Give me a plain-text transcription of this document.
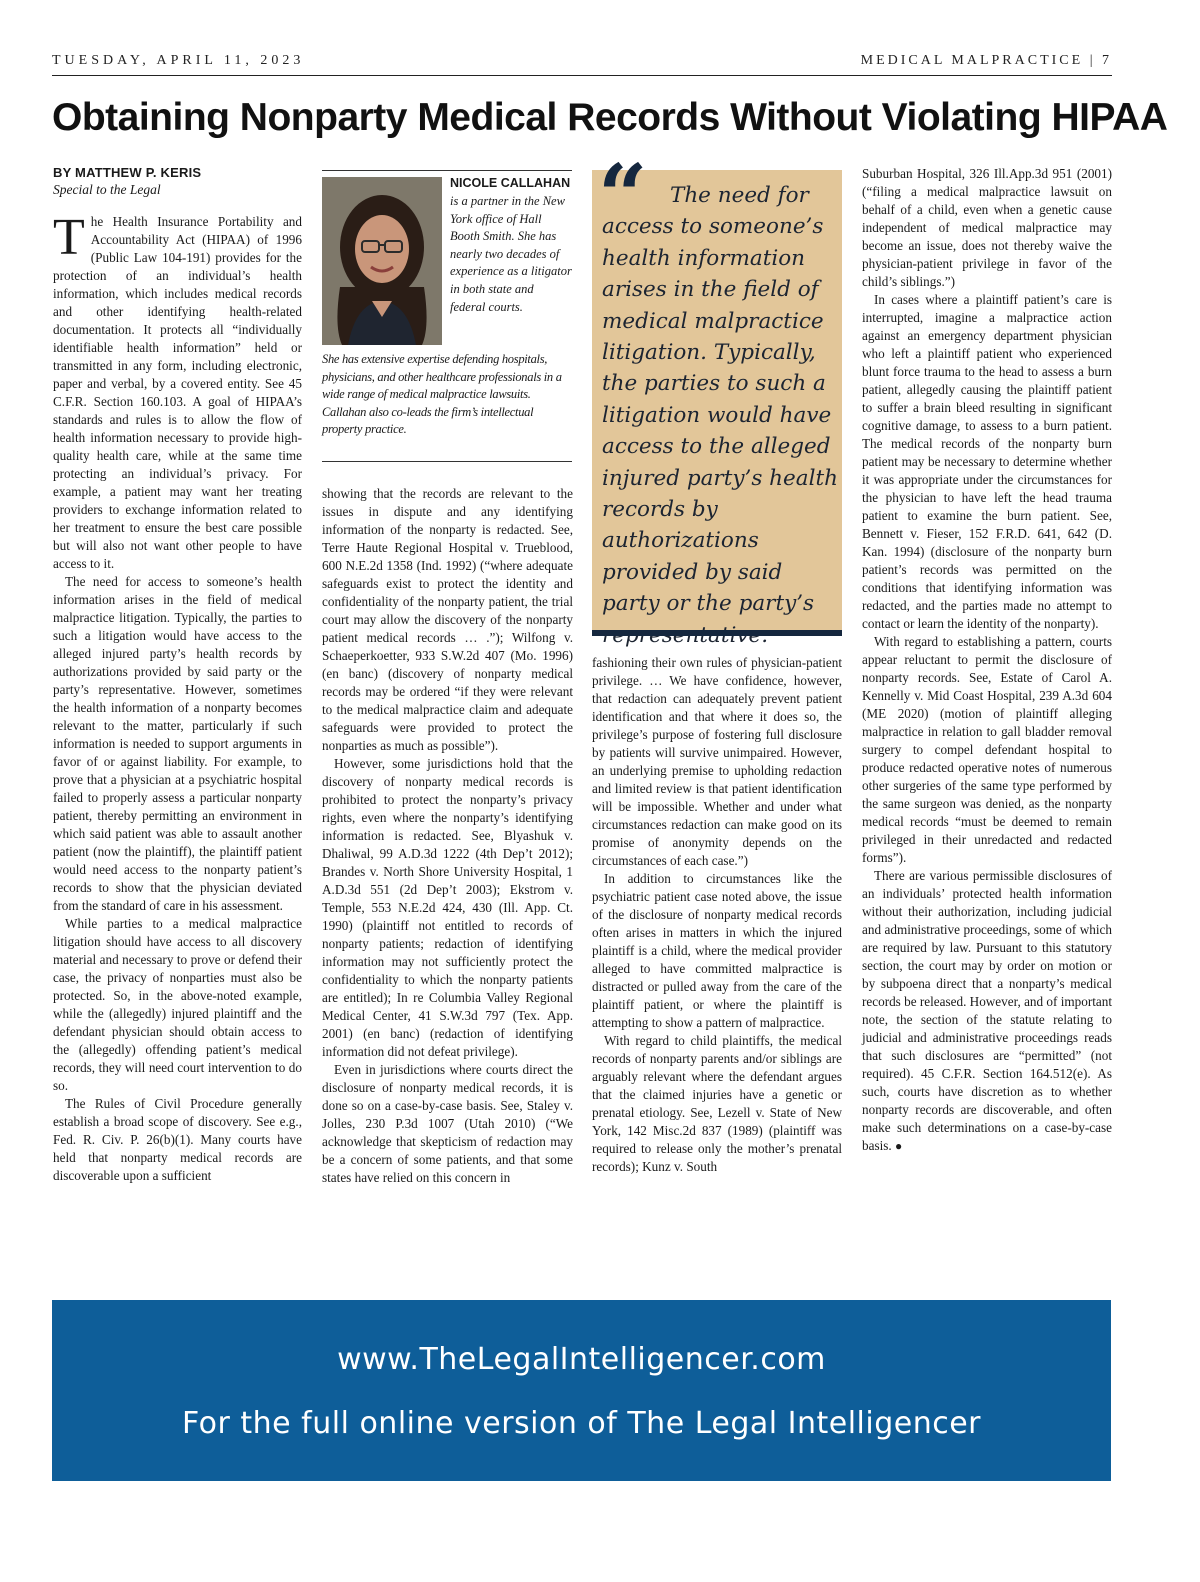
TUESDAY, APRIL 11, 2023	MEDICAL MALPRACTICE | 7
Obtaining Nonparty Medical Records Without Violating HIPAA
BY MATTHEW P. KERIS
Special to the Legal

The Health Insurance Portability and Accountability Act (HIPAA) of 1996 (Public Law 104-191) provides for the protection of an individual’s health information, which includes medical records and other identifying health-related documentation. It protects all “individually identifiable health information” held or transmitted in any form, including electronic, paper and verbal, by a covered entity. See 45 C.F.R. Section 160.103. A goal of HIPAA’s standards and rules is to allow the flow of health information necessary to provide high-quality health care, while at the same time protecting an individual’s privacy. For example, a patient may want her treating providers to exchange information related to her treatment to ensure the best care possible but will also not want other people to have access to it.

The need for access to someone’s health information arises in the field of medical malpractice litigation. Typically, the parties to such a litigation would have access to the alleged injured party’s health records by authorizations provided by said party or the party’s representative. However, sometimes the health information of a nonparty becomes relevant to the matter, particularly if such information is needed to support arguments in favor of or against liability. For example, to prove that a physician at a psychiatric hospital failed to properly assess a particular nonparty patient, thereby permitting an environment in which said patient was able to assault another patient (now the plaintiff), the plaintiff patient would need access to the nonparty patient’s records to show that the physician deviated from the standard of care in his assessment.

While parties to a medical malpractice litigation should have access to all discovery material and necessary to prove or defend their case, the privacy of nonparties must also be protected. So, in the above-noted example, while the (allegedly) injured plaintiff and the defendant physician should obtain access to the (allegedly) offending patient’s medical records, they will need court intervention to do so.

The Rules of Civil Procedure generally establish a broad scope of discovery. See e.g., Fed. R. Civ. P. 26(b)(1). Many courts have held that nonparty medical records are discoverable upon a sufficient

NICOLE CALLAHAN
is a partner in the New York office of Hall Booth Smith. She has nearly two decades of experience as a litigator in both state and federal courts.
She has extensive expertise defending hospitals, physicians, and other healthcare professionals in a wide range of medical malpractice lawsuits. Callahan also co-leads the firm’s intellectual property practice.

showing that the records are relevant to the issues in dispute and any identifying information of the nonparty is redacted. See, Terre Haute Regional Hospital v. Trueblood, 600 N.E.2d 1358 (Ind. 1992) (“where adequate safeguards exist to protect the identity and confidentiality of the nonparty patient, the trial court may allow the discovery of the nonparty patient medical records … .”); Wilfong v. Schaeperkoetter, 933 S.W.2d 407 (Mo. 1996) (en banc) (discovery of nonparty medical records may be ordered “if they were relevant to the medical malpractice claim and adequate safeguards were provided to protect the nonparties as much as possible”).

However, some jurisdictions hold that the discovery of nonparty medical records is prohibited to protect the nonparty’s privacy rights, even where the nonparty’s identifying information is redacted. See, Blyashuk v. Dhaliwal, 99 A.D.3d 1222 (4th Dep’t 2012); Brandes v. North Shore University Hospital, 1 A.D.3d 551 (2d Dep’t 2003); Ekstrom v. Temple, 553 N.E.2d 424, 430 (Ill. App. Ct. 1990) (plaintiff not entitled to records of nonparty patients; redaction of identifying information may not sufficiently protect the confidentiality to which the nonparty patients are entitled); In re Columbia Valley Regional Medical Center, 41 S.W.3d 797 (Tex. App. 2001) (en banc) (redaction of identifying information did not defeat privilege).

Even in jurisdictions where courts direct the disclosure of nonparty medical records, it is done so on a case-by-case basis. See, Staley v. Jolles, 230 P.3d 1007 (Utah 2010) (“We acknowledge that skepticism of redaction may be a concern of some patients, and that some states have relied on this concern in

“	The need for access to someone’s health information arises in the field of medical malpractice litigation. Typically, the parties to such a litigation would have access to the alleged injured party’s health records by authorizations provided by said party or the party’s

fashioning their own rules of physician-patient privilege. … We have confidence, however, that redaction can adequately prevent patient identification and that where it does so, the privilege’s purpose of fostering full disclosure by patients will survive unimpaired. However, an underlying premise to upholding redaction and limited review is that patient identification will be impossible. Whether and under what circumstances redaction can make good on its promise of anonymity depends on the circumstances of each case.”)

In addition to circumstances like the psychiatric patient case noted above, the issue of the disclosure of nonparty medical records often arises in matters in which the injured plaintiff is a child, where the medical provider alleged to have committed malpractice is distracted or pulled away from the care of the plaintiff patient, or where the plaintiff is attempting to show a pattern of malpractice.

With regard to child plaintiffs, the medical records of nonparty parents and/or siblings are arguably relevant where the defendant argues that the claimed injuries have a genetic or prenatal etiology. See, Lezell v. State of New York, 142 Misc.2d 837 (1989) (plaintiff was required to release only the mother’s prenatal records); Kunz v. South

Suburban Hospital, 326 Ill.App.3d 951 (2001)(“filing a medical malpractice lawsuit on behalf of a child, even when a genetic cause independent of medical malpractice may become an issue, does not thereby waive the physician-patient privilege in favor of the child’s siblings.”)

In cases where a plaintiff patient’s care is interrupted, imagine a malpractice action against an emergency department physician who left a plaintiff patient who experienced blunt force trauma to the head to assess a burn patient, allegedly causing the plaintiff patient to suffer a brain bleed resulting in significant cognitive damage, to assess to a burn patient. The medical records of the nonparty burn patient may be necessary to determine whether it was appropriate under the circumstances for the physician to have left the head trauma patient to examine the burn patient. See, Bennett v. Fieser, 152 F.R.D. 641, 642 (D. Kan. 1994) (disclosure of the nonparty burn patient’s records was permitted on the conditions that identifying information was redacted, and the parties made no attempt to contact or learn the identity of the nonparty).

With regard to establishing a pattern, courts appear reluctant to permit the disclosure of nonparty records. See, Estate of Carol A. Kennelly v. Mid Coast Hospital, 239 A.3d 604 (ME 2020) (motion of plaintiff alleging malpractice in relation to gall bladder removal surgery to compel defendant hospital to produce redacted operative notes of numerous other surgeries of the same type performed by the same surgeon was denied, as the nonparty medical records “must be deemed to remain privileged in their unredacted and redacted forms”).

There are various permissible disclosures of an individuals’ protected health information without their authorization, including judicial and administrative proceedings, some of which are required by law. Pursuant to this statutory section, the court may by order on motion or by subpoena direct that a nonparty’s medical records be released. However, and of important note, the section of the statute relating to judicial and administrative proceedings reads that such disclosures are “permitted” (not required). 45 C.F.R. Section 164.512(e). As such, courts have discretion as to whether nonparty records are discoverable, and often make such determinations on a case-by-case basis. ●

www.TheLegalIntelligencer.com
For the full online version of The Legal Intelligencer
